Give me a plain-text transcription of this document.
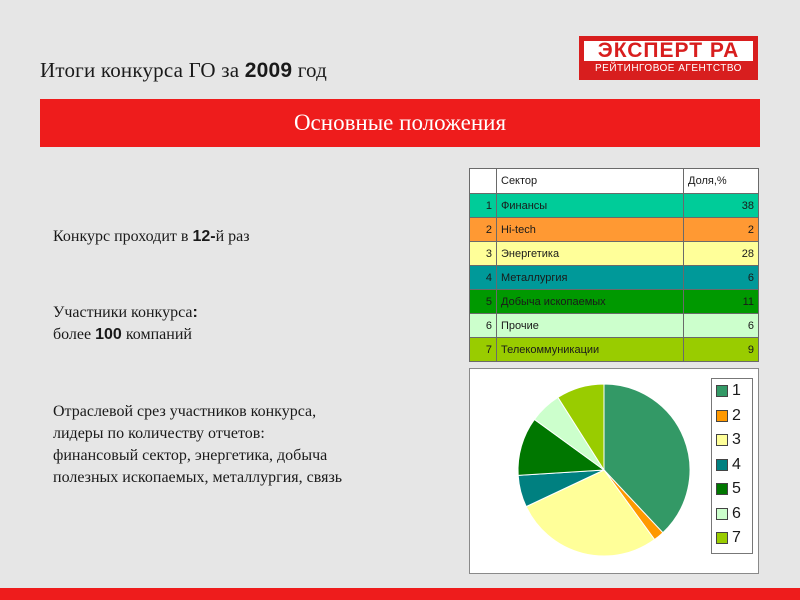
Итоги конкурса ГО за 2009 год
ЭКСПЕРТ РА
РЕЙТИНГОВОЕ АГЕНТСТВО
Основные положения
Конкурс проходит в 12-й раз
Участники конкурса:
более 100 компаний
Отраслевой срез участников конкурса,
лидеры по количеству отчетов:
финансовый сектор, энергетика, добыча
полезных ископаемых, металлургия, связь
	Сектор	Доля,%
1	Финансы	38
2	Hi-tech	2
3	Энергетика	28
4	Металлургия	6
5	Добыча ископаемых	11
6	Прочие	6
7	Телекоммуникации	9
1
2
3
4
5
6
7
